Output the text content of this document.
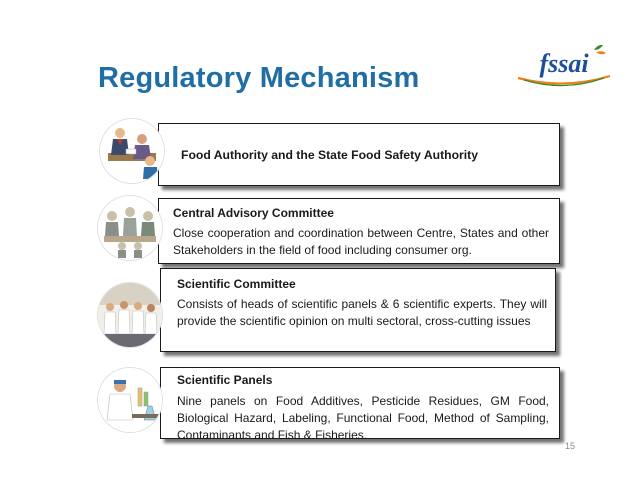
Regulatory Mechanism	fssai
Food Authority and the State Food Safety Authority
Central Advisory Committee
Close cooperation and coordination between Centre, States and other Stakeholders in the field of food including consumer org.
Scientific Committee
Consists of heads of scientific panels & 6 scientific experts. They will provide the scientific opinion on multi sectoral, cross-cutting issues
Scientific Panels
Nine panels on Food Additives, Pesticide Residues, GM Food, Biological Hazard, Labeling, Functional Food, Method of Sampling, Contaminants and Fish & Fisheries.
15
